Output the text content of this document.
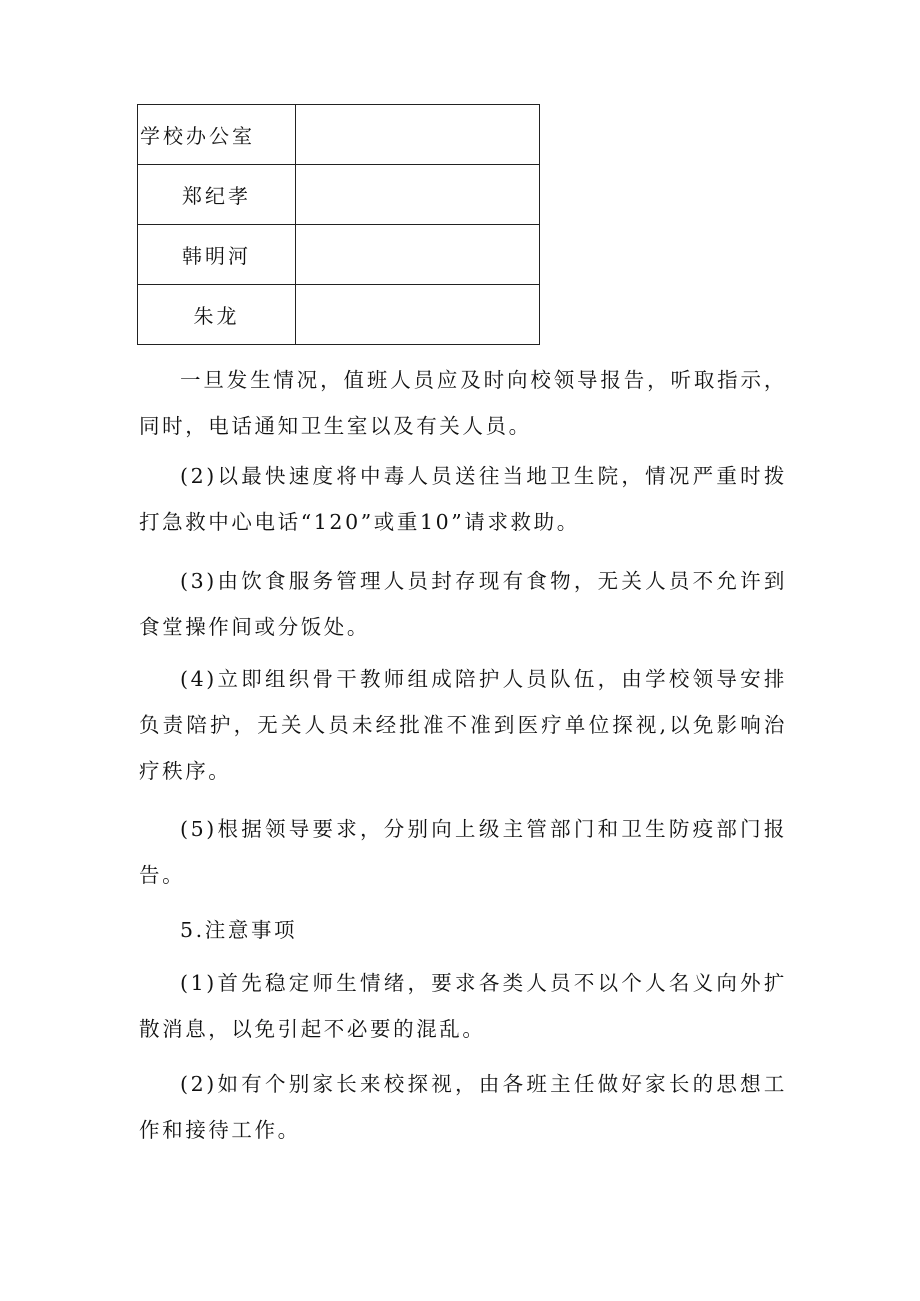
学校办公室	
郑纪孝	
韩明河	
朱龙	

一旦发生情况，值班人员应及时向校领导报告，听取指示，同时，电话通知卫生室以及有关人员。

(2)以最快速度将中毒人员送往当地卫生院，情况严重时拨打急救中心电话“120”或重10”请求救助。

(3)由饮食服务管理人员封存现有食物，无关人员不允许到食堂操作间或分饭处。

(4)立即组织骨干教师组成陪护人员队伍，由学校领导安排负责陪护，无关人员未经批准不准到医疗单位探视,以免影响治疗秩序。

(5)根据领导要求，分别向上级主管部门和卫生防疫部门报告。

5.注意事项

(1)首先稳定师生情绪，要求各类人员不以个人名义向外扩散消息，以免引起不必要的混乱。

(2)如有个别家长来校探视，由各班主任做好家长的思想工作和接待工作。
